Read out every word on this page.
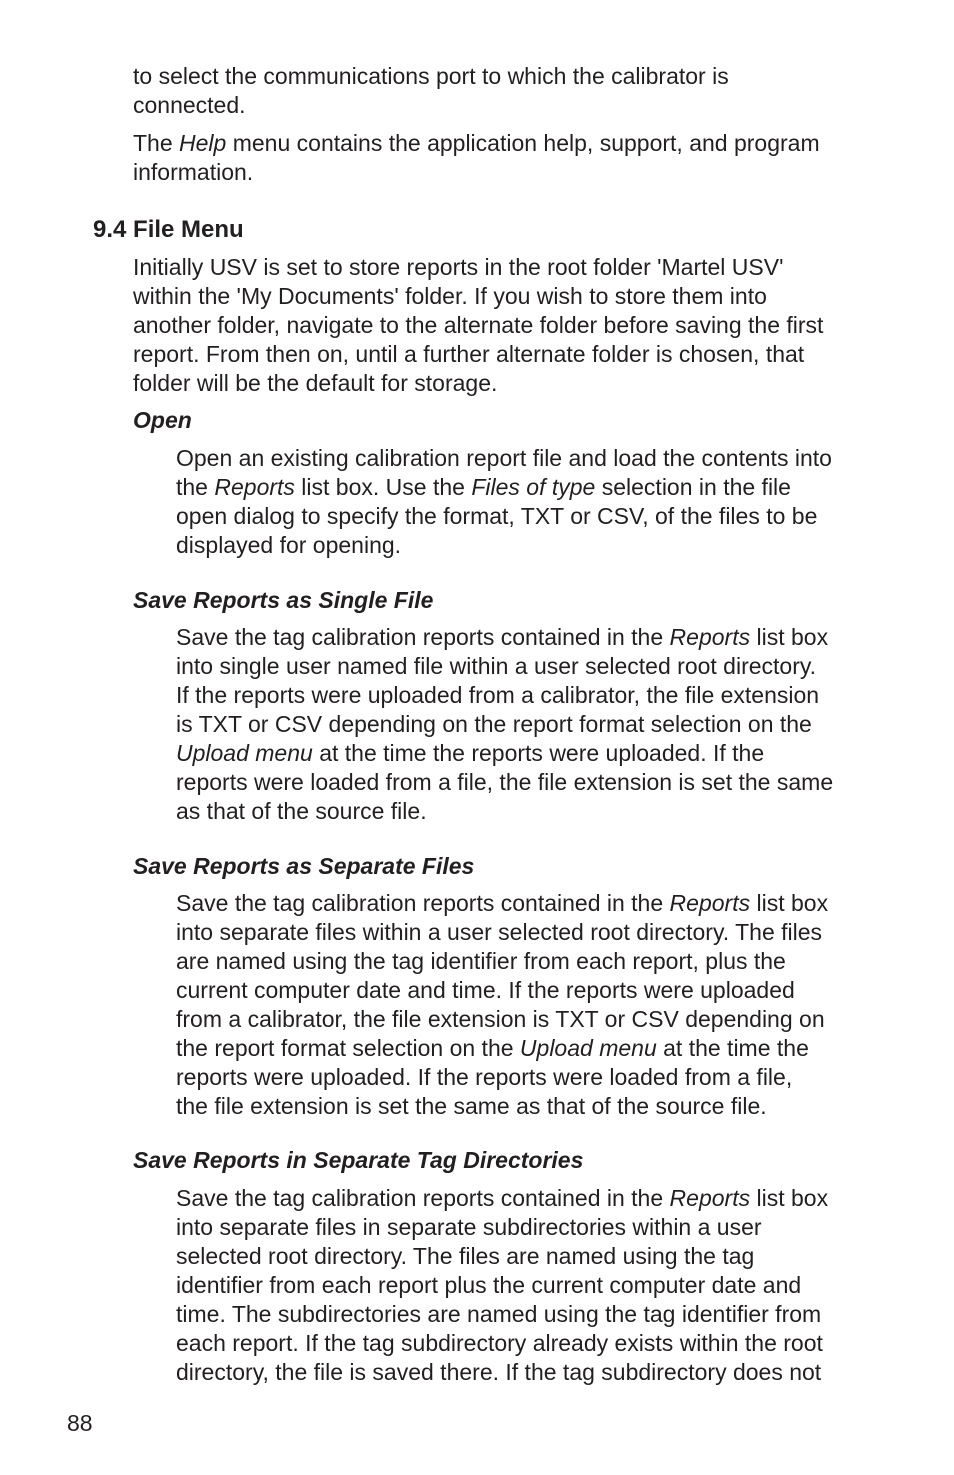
to select the communications port to which the calibrator is
connected.

The Help menu contains the application help, support, and program
information.

9.4 File Menu

Initially USV is set to store reports in the root folder 'Martel USV'
within the 'My Documents' folder. If you wish to store them into
another folder, navigate to the alternate folder before saving the first
report. From then on, until a further alternate folder is chosen, that
folder will be the default for storage.

Open

Open an existing calibration report file and load the contents into
the Reports list box. Use the Files of type selection in the file
open dialog to specify the format, TXT or CSV, of the files to be
displayed for opening.

Save Reports as Single File

Save the tag calibration reports contained in the Reports list box
into single user named file within a user selected root directory.
If the reports were uploaded from a calibrator, the file extension
is TXT or CSV depending on the report format selection on the
Upload menu at the time the reports were uploaded. If the
reports were loaded from a file, the file extension is set the same
as that of the source file.

Save Reports as Separate Files

Save the tag calibration reports contained in the Reports list box
into separate files within a user selected root directory. The files
are named using the tag identifier from each report, plus the
current computer date and time. If the reports were uploaded
from a calibrator, the file extension is TXT or CSV depending on
the report format selection on the Upload menu at the time the
reports were uploaded. If the reports were loaded from a file,
the file extension is set the same as that of the source file.

Save Reports in Separate Tag Directories

Save the tag calibration reports contained in the Reports list box
into separate files in separate subdirectories within a user
selected root directory. The files are named using the tag
identifier from each report plus the current computer date and
time. The subdirectories are named using the tag identifier from
each report. If the tag subdirectory already exists within the root
directory, the file is saved there. If the tag subdirectory does not

88
